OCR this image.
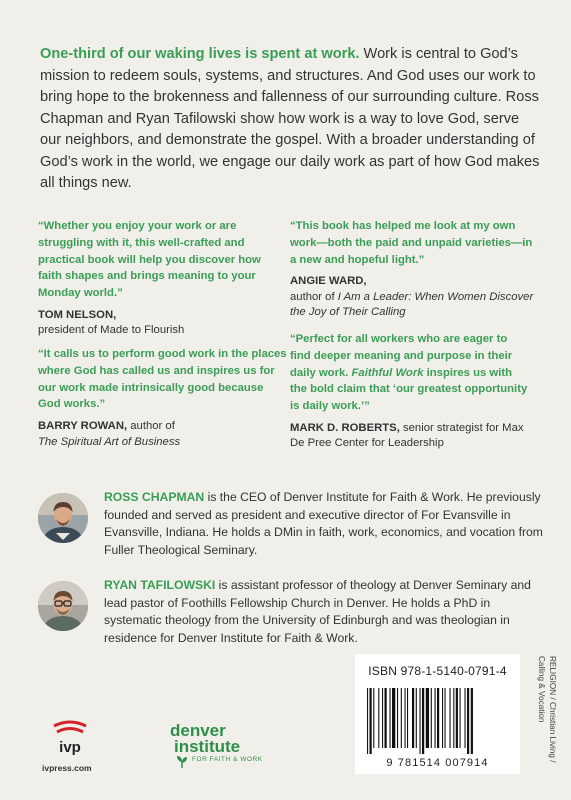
One-third of our waking lives is spent at work. Work is central to God’s mission to redeem souls, systems, and structures. And God uses our work to bring hope to the brokenness and fallenness of our surrounding culture. Ross Chapman and Ryan Tafilowski show how work is a way to love God, serve our neighbors, and demonstrate the gospel. With a broader understanding of God’s work in the world, we engage our daily work as part of how God makes all things new.
“Whether you enjoy your work or are struggling with it, this well-crafted and practical book will help you discover how faith shapes and brings meaning to your Monday world.”
TOM NELSON,
president of Made to Flourish
“This book has helped me look at my own work—both the paid and unpaid varieties—in a new and hopeful light.”
ANGIE WARD,
author of I Am a Leader: When Women Discover the Joy of Their Calling
“It calls us to perform good work in the places where God has called us and inspires us for our work made intrinsically good because God works.”
BARRY ROWAN, author of
The Spiritual Art of Business
“Perfect for all workers who are eager to find deeper meaning and purpose in their daily work. Faithful Work inspires us with the bold claim that ‘our greatest opportunity is daily work.’”
MARK D. ROBERTS, senior strategist for Max De Pree Center for Leadership
ROSS CHAPMAN is the CEO of Denver Institute for Faith & Work. He previously founded and served as president and executive director of For Evansville in Evansville, Indiana. He holds a DMin in faith, work, economics, and vocation from Fuller Theological Seminary.
RYAN TAFILOWSKI is assistant professor of theology at Denver Seminary and lead pastor of Foothills Fellowship Church in Denver. He holds a PhD in systematic theology from the University of Edinburgh and was theologian in residence for Denver Institute for Faith & Work.
ISBN 978-1-5140-0791-4
9 781514 007914
RELIGION / Christian Living /
Calling & Vocation
ivp
ivpress.com
denver
institute
FOR FAITH & WORK
